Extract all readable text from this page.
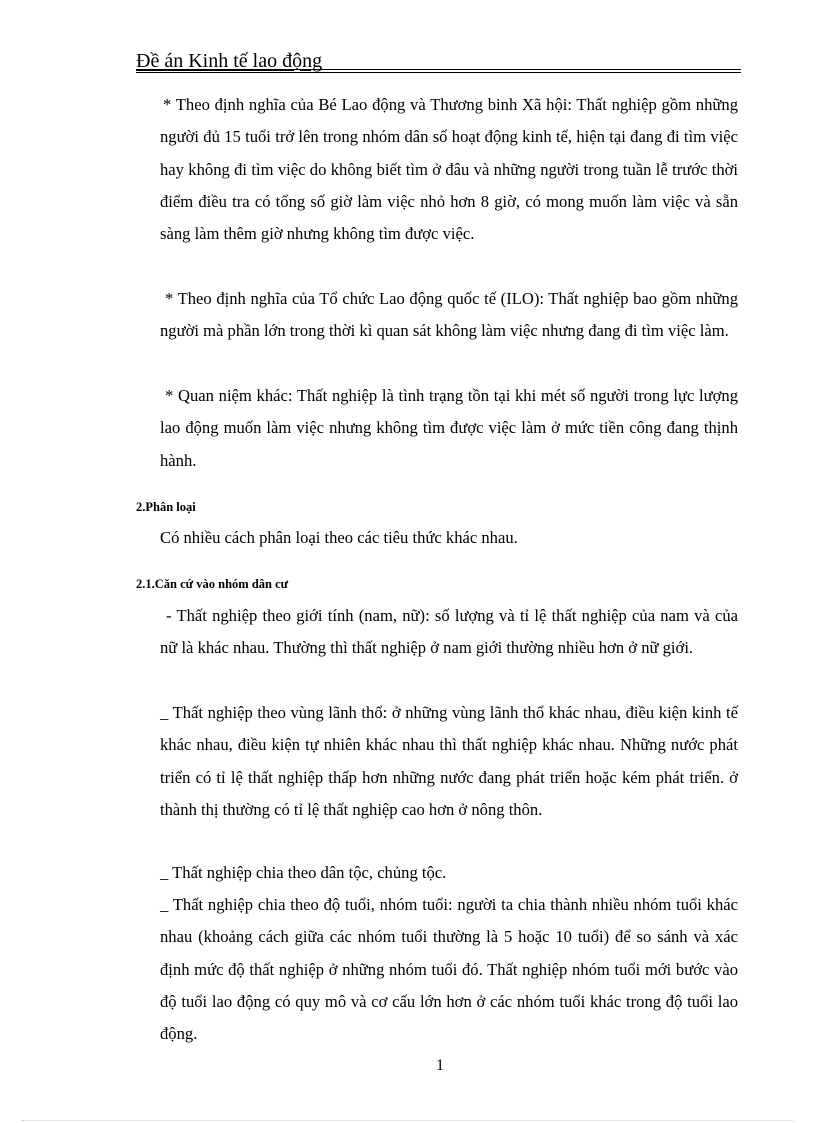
Đề án Kinh tế lao động
* Theo định nghĩa của Bé Lao động và Thương binh Xã hội: Thất nghiệp gồm những người đủ 15 tuổi trở lên trong nhóm dân số hoạt động kinh tế, hiện tại đang đi tìm việc hay không đi tìm việc do không biết tìm ở đâu và những người trong tuần lễ trước thời điểm điều tra có tổng số giờ làm việc nhỏ hơn 8 giờ, có mong muốn làm việc và sẵn sàng làm thêm giờ nhưng không tìm được việc.
* Theo định nghĩa của Tổ chức Lao động quốc tế (ILO): Thất nghiệp bao gồm những người mà phần lớn trong thời kì quan sát không làm việc nhưng đang đi tìm việc làm.
* Quan niệm khác: Thất nghiệp là tình trạng tồn tại khi mét số người trong lực lượng lao động muốn làm việc nhưng không tìm được việc làm ở mức tiền công đang thịnh hành.
2.Phân loại
Có nhiều cách phân loại theo các tiêu thức khác nhau.
2.1.Căn cứ vào nhóm dân cư
- Thất nghiệp theo giới tính (nam, nữ): số lượng và tỉ lệ thất nghiệp của nam và của nữ là khác nhau. Thường thì thất nghiệp ở nam giới thường nhiều hơn ở nữ giới.
_ Thất nghiệp theo vùng lãnh thổ: ở những vùng lãnh thổ khác nhau, điều kiện kinh tế khác nhau, điều kiện tự nhiên khác nhau thì thất nghiệp khác nhau. Những nước phát triển có tỉ lệ thất nghiệp thấp hơn những nước đang phát triển hoặc kém phát triển. ở thành thị thường có tỉ lệ thất nghiệp cao hơn ở nông thôn.
_ Thất nghiệp chia theo dân tộc, chủng tộc.
_ Thất nghiệp chia theo độ tuổi, nhóm tuổi: người ta chia thành nhiều nhóm tuổi khác nhau (khoảng cách giữa các nhóm tuổi thường là 5 hoặc 10 tuổi) để so sánh và xác định mức độ thất nghiệp ở những nhóm tuổi đó. Thất nghiệp nhóm tuổi mới bước vào độ tuổi lao động có quy mô và cơ cấu lớn hơn ở các nhóm tuổi khác trong độ tuổi lao động.
1
